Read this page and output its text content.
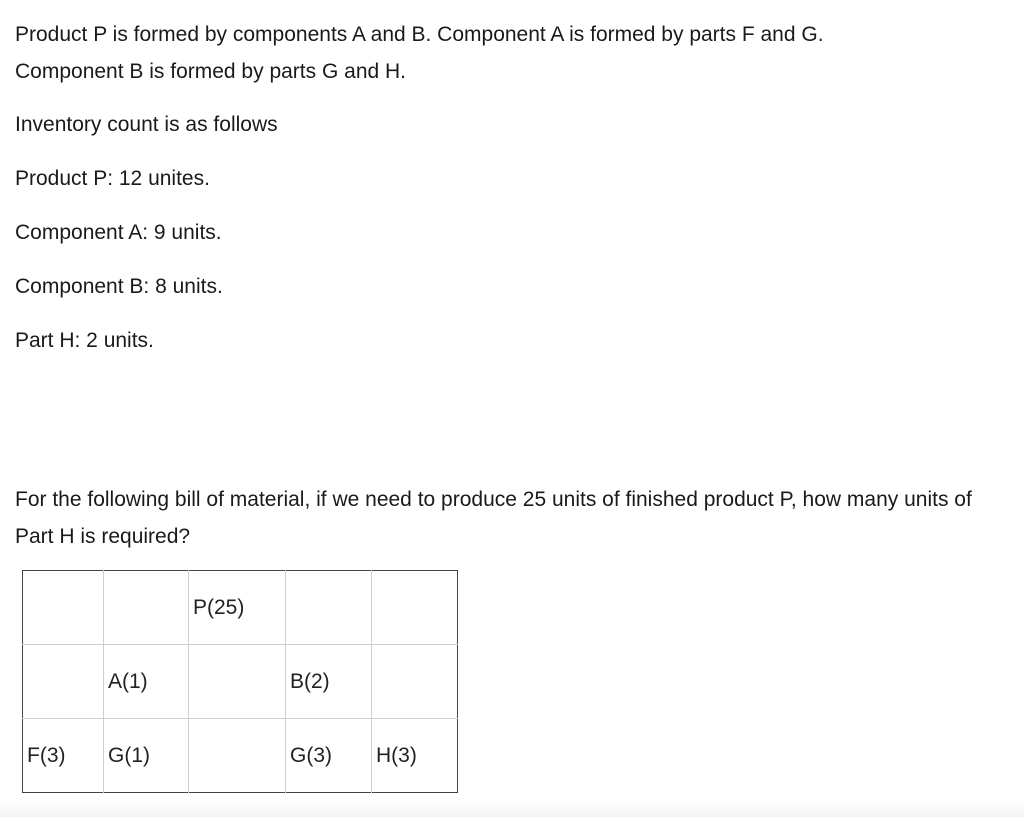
Product P is formed by components A and B. Component A is formed by parts F and G. Component B is formed by parts G and H.

Inventory count is as follows

Product P: 12 unites.

Component A: 9 units.

Component B: 8 units.

Part H: 2 units.

For the following bill of material, if we need to produce 25 units of finished product P, how many units of Part H is required?

		P(25)		
	A(1)		B(2)	
F(3)	G(1)		G(3)	H(3)
